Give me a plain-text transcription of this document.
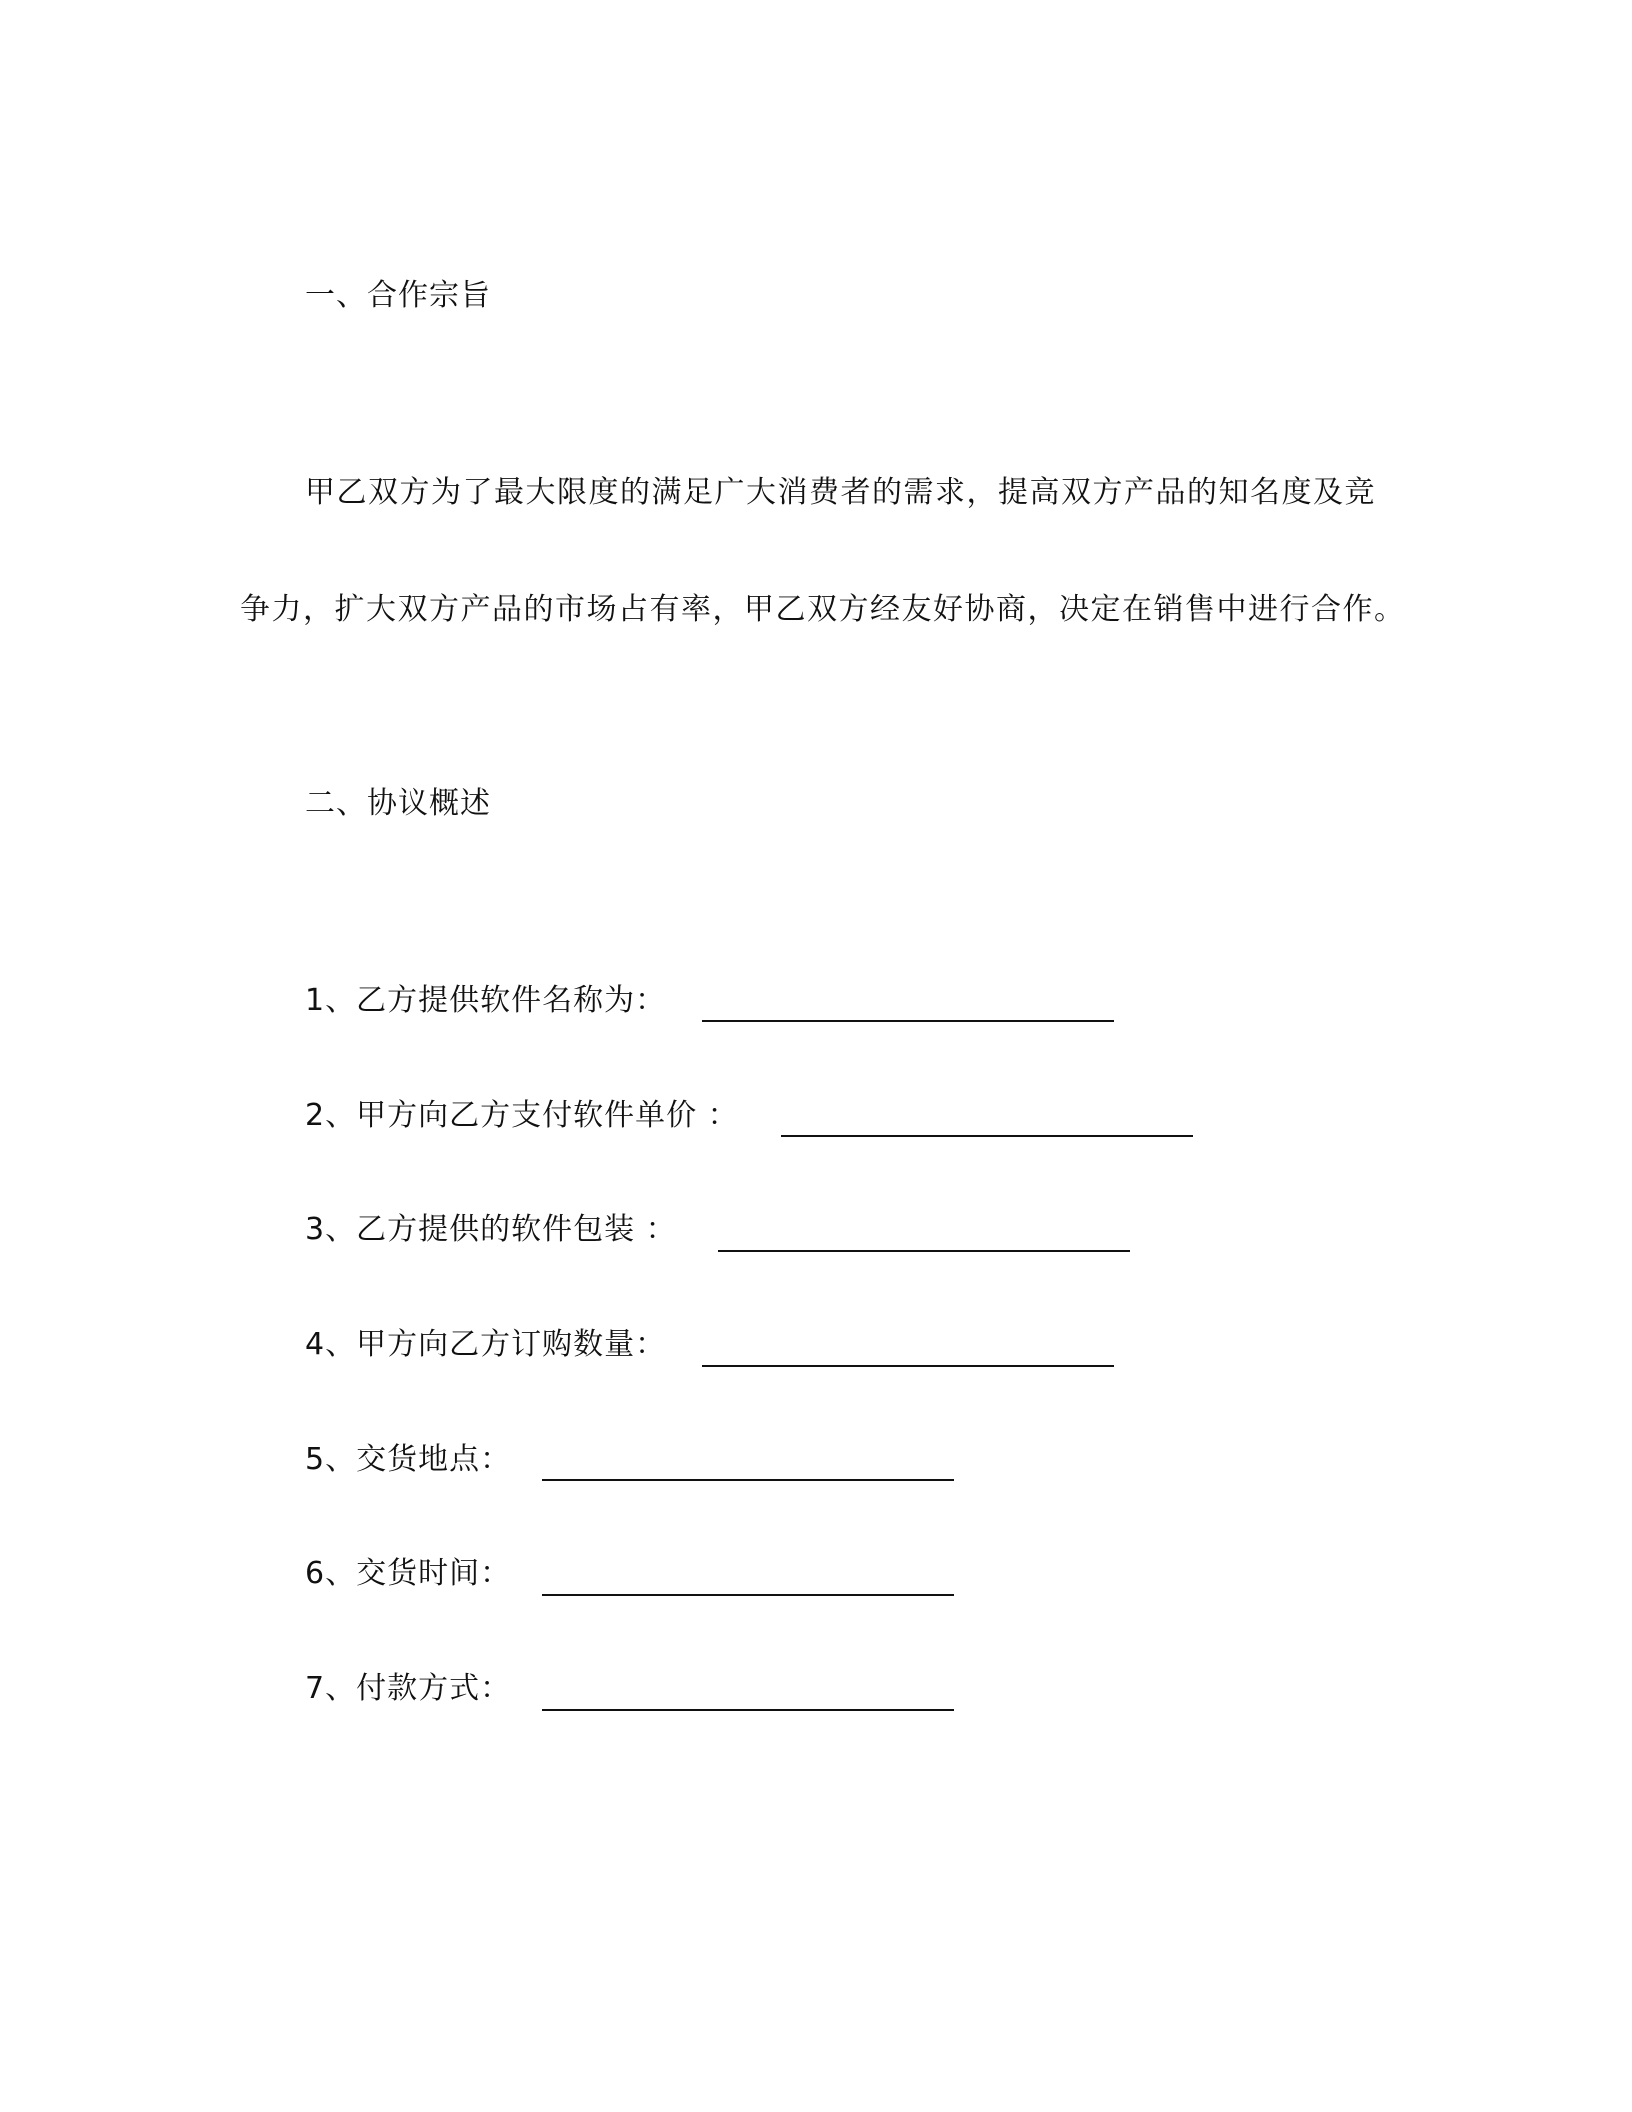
一、合作宗旨
甲乙双方为了最大限度的满足广大消费者的需求，提高双方产品的知名度及竞
争力，扩大双方产品的市场占有率，甲乙双方经友好协商，决定在销售中进行合作。
二、协议概述
1、乙方提供软件名称为：
2、甲方向乙方支付软件单价 ：
3、乙方提供的软件包装 ：
4、甲方向乙方订购数量：
5、交货地点：
6、交货时间：
7、付款方式：
